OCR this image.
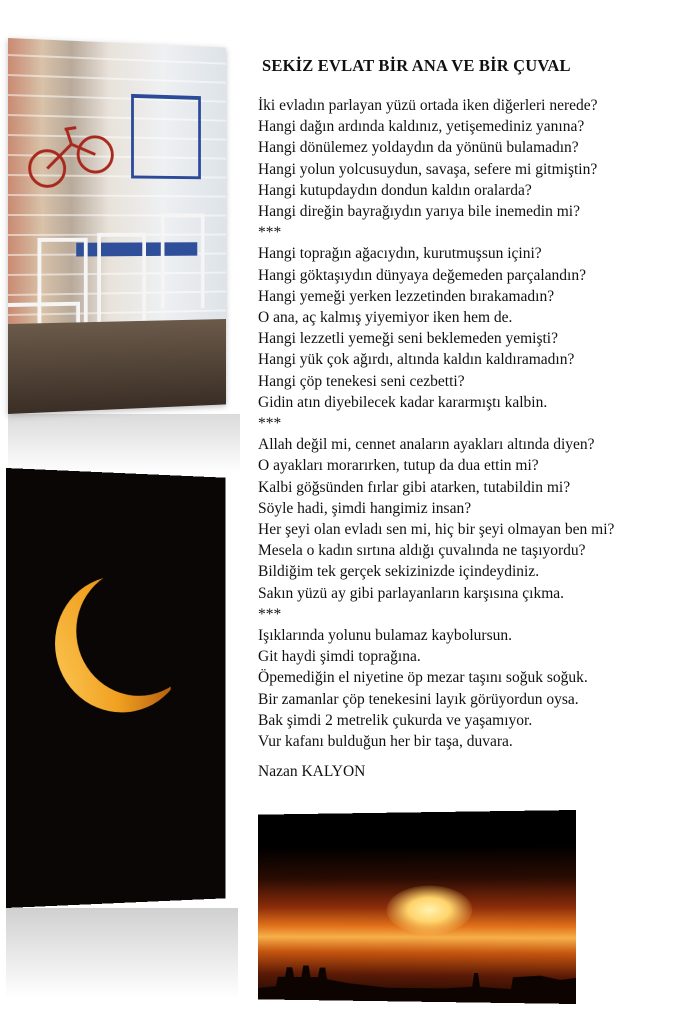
SEKİZ EVLAT BİR ANA VE BİR ÇUVAL
İki evladın parlayan yüzü ortada iken diğerleri nerede?
Hangi dağın ardında kaldınız, yetişemediniz yanına?
Hangi dönülemez yoldaydın da yönünü bulamadın?
Hangi yolun yolcusuydun, savaşa, sefere mi gitmiştin?
Hangi kutupdaydın dondun kaldın oralarda?
Hangi direğin bayrağıydın yarıya bile inemedin mi?
***
Hangi toprağın ağacıydın, kurutmuşsun içini?
Hangi göktaşıydın dünyaya değemeden parçalandın?
Hangi yemeği yerken lezzetinden bırakamadın?
O ana, aç kalmış yiyemiyor iken hem de.
Hangi lezzetli yemeği seni beklemeden yemişti?
Hangi yük çok ağırdı, altında kaldın kaldıramadın?
Hangi çöp tenekesi seni cezbetti?
Gidin atın diyebilecek kadar kararmıştı kalbin.
***
Allah değil mi, cennet anaların ayakları altında diyen?
O ayakları morarırken, tutup da dua ettin mi?
Kalbi göğsünden fırlar gibi atarken, tutabildin mi?
Söyle hadi, şimdi hangimiz insan?
Her şeyi olan evladı sen mi, hiç bir şeyi olmayan ben mi?
Mesela o kadın sırtına aldığı çuvalında ne taşıyordu?
Bildiğim tek gerçek sekizinizde içindeydiniz.
Sakın yüzü ay gibi parlayanların karşısına çıkma.
***
Işıklarında yolunu bulamaz kaybolursun.
Git haydi şimdi toprağına.
Öpemediğin el niyetine öp mezar taşını soğuk soğuk.
Bir zamanlar çöp tenekesini layık görüyordun oysa.
Bak şimdi 2 metrelik çukurda ve yaşamıyor.
Vur kafanı bulduğun her bir taşa, duvara.
Nazan KALYON
